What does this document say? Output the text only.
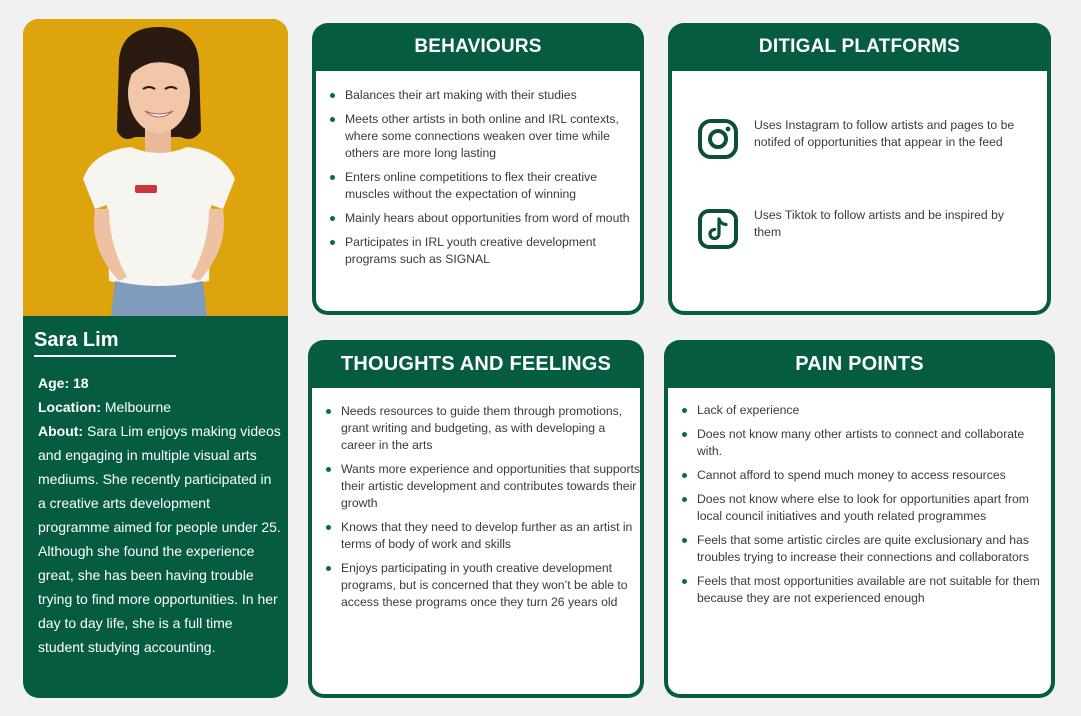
Sara Lim
Age: 18
Location: Melbourne
About: Sara Lim enjoys making videos and engaging in multiple visual arts mediums. She recently participated in a creative arts development programme aimed for people under 25. Although she found the experience great, she has been having trouble trying to find more opportunities. In her day to day life, she is a full time student studying accounting.
BEHAVIOURS
Balances their art making with their studies
Meets other artists in both online and IRL contexts, where some connections weaken over time while others are more long lasting
Enters online competitions to flex their creative muscles without the expectation of winning
Mainly hears about opportunities from word of mouth
Participates in IRL youth creative development programs such as SIGNAL
DITIGAL PLATFORMS
Uses Instagram to follow artists and pages to be notifed of opportunities that appear in the feed
Uses Tiktok to follow artists and be inspired by them
THOUGHTS AND FEELINGS
Needs resources to guide them through promotions, grant writing and budgeting, as with developing a career in the arts
Wants more experience and opportunities that supports their artistic development and contributes towards their growth
Knows that they need to develop further as an artist in terms of body of work and skills
Enjoys participating in youth creative development programs, but is concerned that they won’t be able to access these programs once they turn 26 years old
PAIN POINTS
Lack of experience
Does not know many other artists to connect and collaborate with.
Cannot afford to spend much money to access resources
Does not know where else to look for opportunities apart from local council initiatives and youth related programmes
Feels that some artistic circles are quite exclusionary and has troubles trying to increase their connections and collaborators
Feels that most opportunities available are not suitable for them because they are not experienced enough
